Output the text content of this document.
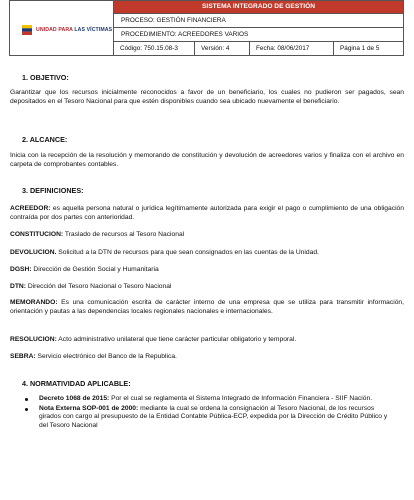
UNIDAD PARA LAS VÍCTIMAS
SISTEMA INTEGRADO DE GESTIÓN
PROCESO: GESTIÓN FINANCIERA
PROCEDIMIENTO: ACREEDORES VARIOS
Código: 750.15.08-3	Versión: 4	Fecha: 08/06/2017	Página 1 de 5
1. OBJETIVO:
Garantizar que los recursos inicialmente reconocidos a favor de un beneficiario, los cuales no pudieron ser pagados, sean depositados en el Tesoro Nacional para que estén disponibles cuando sea ubicado nuevamente el beneficiario.
2. ALCANCE:
Inicia con la recepción de la resolución y memorando de constitución y devolución de acreedores varios y finaliza con el archivo en carpeta de comprobantes contables.
3. DEFINICIONES:
ACREEDOR: es aquella persona natural o jurídica legítimamente autorizada para exigir el pago o cumplimiento de una obligación contraída por dos partes con anterioridad.
CONSTITUCION: Traslado de recursos al Tesoro Nacional
DEVOLUCION. Solicitud a la DTN de recursos para que sean consignados en las cuentas de la Unidad.
DGSH: Dirección de Gestión Social y Humanitaria
DTN: Dirección del Tesoro Nacional o Tesoro Nacional
MEMORANDO: Es una comunicación escrita de carácter interno de una empresa que se utiliza para transmitir información, orientación y pautas a las dependencias locales regionales nacionales e internacionales.
RESOLUCION: Acto administrativo unilateral que tiene carácter particular obligatorio y temporal.
SEBRA: Servicio electrónico del Banco de la Republica.
4. NORMATIVIDAD APLICABLE:
Decreto 1068 de 2015: Por el cual se reglamenta el Sistema Integrado de Información Financiera - SIIF Nación.
Nota Externa SOP-001 de 2000: mediante la cual se ordena la consignación al Tesoro Nacional, de los recursos girados con cargo al presupuesto de la Entidad Contable Pública-ECP, expedida por la Dirección de Crédito Público y del Tesoro Nacional
